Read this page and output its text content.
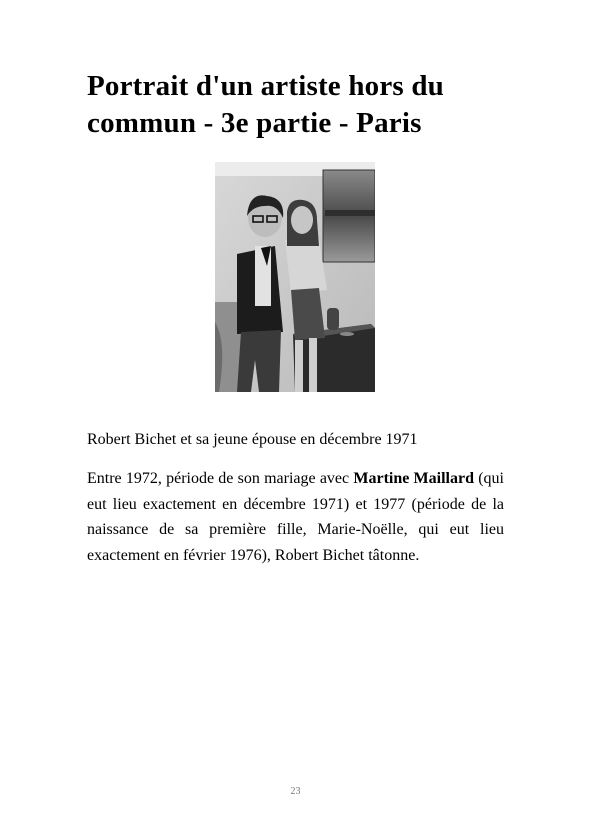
Portrait d'un artiste hors du commun - 3e partie - Paris

Robert Bichet et sa jeune épouse en décembre 1971

Entre 1972, période de son mariage avec Martine Maillard (qui eut lieu exactement en décembre 1971) et 1977 (période de la naissance de sa première fille, Marie-Noëlle, qui eut lieu exactement en février 1976), Robert Bichet tâtonne.

23
